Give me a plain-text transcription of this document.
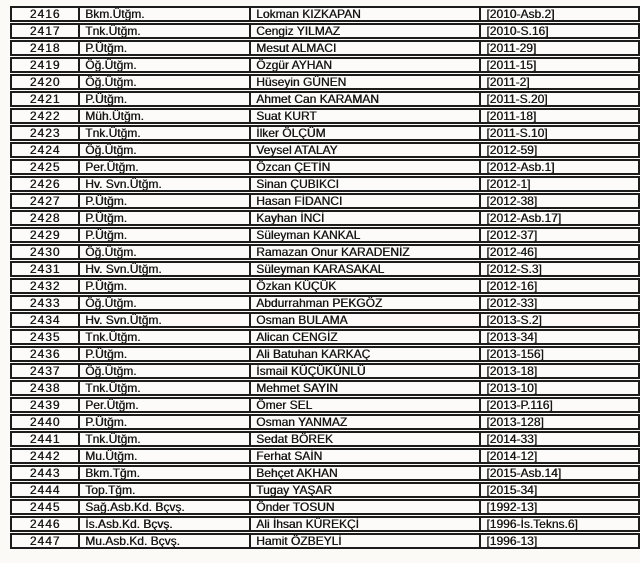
2416	Bkm.Ütğm.	Lokman KIZKAPAN	[2010-Asb.2]
2417	Tnk.Ütğm.	Cengiz YILMAZ	[2010-S.16]
2418	P.Ütğm.	Mesut ALMACI	[2011-29]
2419	Öğ.Ütğm.	Özgür AYHAN	[2011-15]
2420	Öğ.Ütğm.	Hüseyin GÜNEN	[2011-2]
2421	P.Ütğm.	Ahmet Can KARAMAN	[2011-S.20]
2422	Müh.Ütğm.	Suat KURT	[2011-18]
2423	Tnk.Ütğm.	İlker ÖLÇÜM	[2011-S.10]
2424	Öğ.Ütğm.	Veysel ATALAY	[2012-59]
2425	Per.Ütğm.	Özcan ÇETİN	[2012-Asb.1]
2426	Hv. Svn.Ütğm.	Sinan ÇUBIKCI	[2012-1]
2427	P.Ütğm.	Hasan FİDANCI	[2012-38]
2428	P.Ütğm.	Kayhan İNCİ	[2012-Asb.17]
2429	P.Ütğm.	Süleyman KANKAL	[2012-37]
2430	Öğ.Ütğm.	Ramazan Onur KARADENİZ	[2012-46]
2431	Hv. Svn.Ütğm.	Süleyman KARASAKAL	[2012-S.3]
2432	P.Ütğm.	Özkan KÜÇÜK	[2012-16]
2433	Öğ.Ütğm.	Abdurrahman PEKGÖZ	[2012-33]
2434	Hv. Svn.Ütğm.	Osman BULAMA	[2013-S.2]
2435	Tnk.Ütğm.	Alican CENGİZ	[2013-34]
2436	P.Ütğm.	Ali Batuhan KARKAÇ	[2013-156]
2437	Öğ.Ütğm.	İsmail KÜÇÜKÜNLÜ	[2013-18]
2438	Tnk.Ütğm.	Mehmet SAYIN	[2013-10]
2439	Per.Ütğm.	Ömer SEL	[2013-P.116]
2440	P.Ütğm.	Osman YANMAZ	[2013-128]
2441	Tnk.Ütğm.	Sedat BÖREK	[2014-33]
2442	Mu.Ütğm.	Ferhat SAİN	[2014-12]
2443	Bkm.Tğm.	Behçet AKHAN	[2015-Asb.14]
2444	Top.Tğm.	Tugay YAŞAR	[2015-34]
2445	Sağ.Asb.Kd. Bçvş.	Önder TOSUN	[1992-13]
2446	İs.Asb.Kd. Bçvş.	Ali İhsan KÜREKÇİ	[1996-İs.Tekns.6]
2447	Mu.Asb.Kd. Bçvş.	Hamit ÖZBEYLİ	[1996-13]
